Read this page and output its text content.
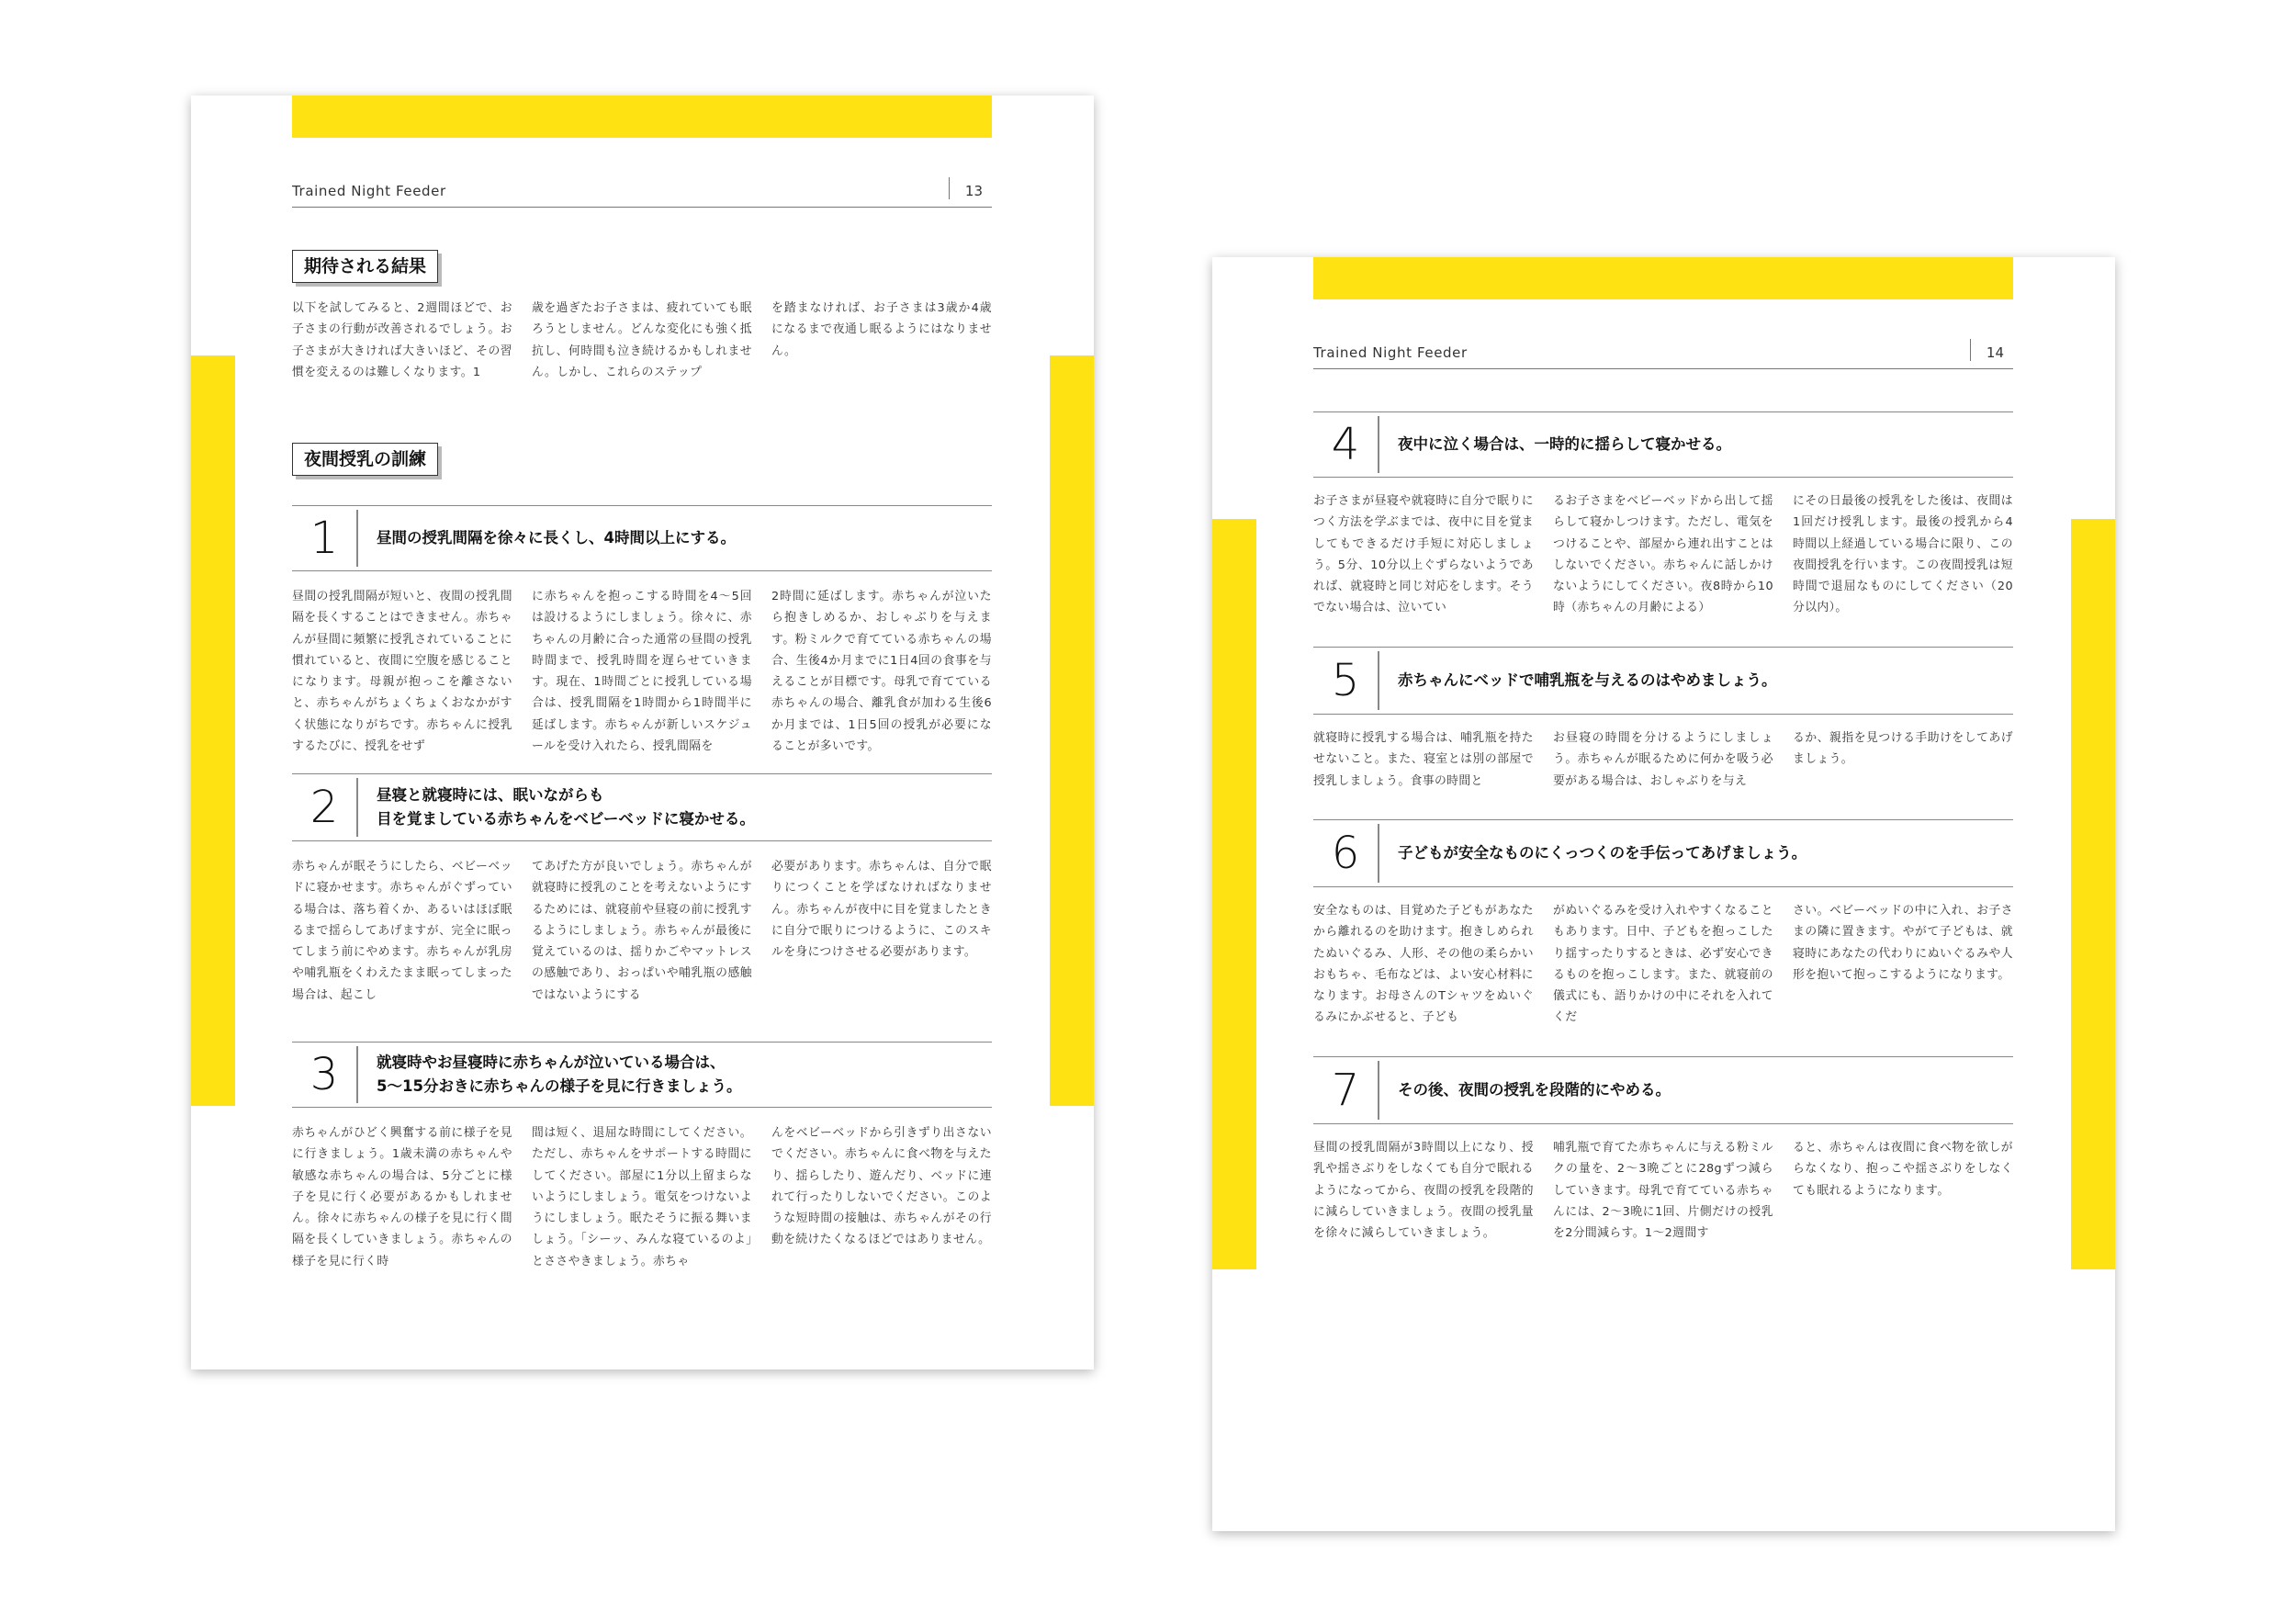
Trained Night Feeder	13
期待される結果
以下を試してみると、2週間ほどで、お子さまの行動が改善されるでしょう。お子さまが大きければ大きいほど、その習慣を変えるのは難しくなります。1
歳を過ぎたお子さまは、疲れていても眠ろうとしません。どんな変化にも強く抵抗し、何時間も泣き続けるかもしれません。しかし、これらのステップ
を踏まなければ、お子さまは3歳か4歳になるまで夜通し眠るようにはなりません。
夜間授乳の訓練
1	昼間の授乳間隔を徐々に長くし、4時間以上にする。
昼間の授乳間隔が短いと、夜間の授乳間隔を長くすることはできません。赤ちゃんが昼間に頻繁に授乳されていることに慣れていると、夜間に空腹を感じることになります。母親が抱っこを離さないと、赤ちゃんがちょくちょくおなかがすく状態になりがちです。赤ちゃんに授乳するたびに、授乳をせず
に赤ちゃんを抱っこする時間を4〜5回は設けるようにしましょう。徐々に、赤ちゃんの月齢に合った通常の昼間の授乳時間まで、授乳時間を遅らせていきます。現在、1時間ごとに授乳している場合は、授乳間隔を1時間から1時間半に延ばします。赤ちゃんが新しいスケジュールを受け入れたら、授乳間隔を
2時間に延ばします。赤ちゃんが泣いたら抱きしめるか、おしゃぶりを与えます。粉ミルクで育てている赤ちゃんの場合、生後4か月までに1日4回の食事を与えることが目標です。母乳で育てている赤ちゃんの場合、離乳食が加わる生後6か月までは、1日5回の授乳が必要になることが多いです。
2	昼寝と就寝時には、眠いながらも
目を覚ましている赤ちゃんをベビーベッドに寝かせる。
赤ちゃんが眠そうにしたら、ベビーベッドに寝かせます。赤ちゃんがぐずっている場合は、落ち着くか、あるいはほぼ眠るまで揺らしてあげますが、完全に眠ってしまう前にやめます。赤ちゃんが乳房や哺乳瓶をくわえたまま眠ってしまった場合は、起こし
てあげた方が良いでしょう。赤ちゃんが就寝時に授乳のことを考えないようにするためには、就寝前や昼寝の前に授乳するようにしましょう。赤ちゃんが最後に覚えているのは、揺りかごやマットレスの感触であり、おっぱいや哺乳瓶の感触ではないようにする
必要があります。赤ちゃんは、自分で眠りにつくことを学ばなければなりません。赤ちゃんが夜中に目を覚ましたときに自分で眠りにつけるように、このスキルを身につけさせる必要があります。
3	就寝時やお昼寝時に赤ちゃんが泣いている場合は、
5〜15分おきに赤ちゃんの様子を見に行きましょう。
赤ちゃんがひどく興奮する前に様子を見に行きましょう。1歳未満の赤ちゃんや敏感な赤ちゃんの場合は、5分ごとに様子を見に行く必要があるかもしれません。徐々に赤ちゃんの様子を見に行く間隔を長くしていきましょう。赤ちゃんの様子を見に行く時
間は短く、退屈な時間にしてください。ただし、赤ちゃんをサポートする時間にしてください。部屋に1分以上留まらないようにしましょう。電気をつけないようにしましょう。眠たそうに振る舞いましょう。「シーッ、みんな寝ているのよ」とささやきましょう。赤ちゃ
んをベビーベッドから引きずり出さないでください。赤ちゃんに食べ物を与えたり、揺らしたり、遊んだり、ベッドに連れて行ったりしないでください。このような短時間の接触は、赤ちゃんがその行動を続けたくなるほどではありません。
Trained Night Feeder	14
4	夜中に泣く場合は、一時的に揺らして寝かせる。
お子さまが昼寝や就寝時に自分で眠りにつく方法を学ぶまでは、夜中に目を覚ましてもできるだけ手短に対応しましょう。5分、10分以上ぐずらないようであれば、就寝時と同じ対応をします。そうでない場合は、泣いてい
るお子さまをベビーベッドから出して揺らして寝かしつけます。ただし、電気をつけることや、部屋から連れ出すことはしないでください。赤ちゃんに話しかけないようにしてください。夜8時から10時（赤ちゃんの月齢による）
にその日最後の授乳をした後は、夜間は1回だけ授乳します。最後の授乳から4時間以上経過している場合に限り、この夜間授乳を行います。この夜間授乳は短時間で退屈なものにしてください（20分以内）。
5	赤ちゃんにベッドで哺乳瓶を与えるのはやめましょう。
就寝時に授乳する場合は、哺乳瓶を持たせないこと。また、寝室とは別の部屋で授乳しましょう。食事の時間と
お昼寝の時間を分けるようにしましょう。赤ちゃんが眠るために何かを吸う必要がある場合は、おしゃぶりを与え
るか、親指を見つける手助けをしてあげましょう。
6	子どもが安全なものにくっつくのを手伝ってあげましょう。
安全なものは、目覚めた子どもがあなたから離れるのを助けます。抱きしめられたぬいぐるみ、人形、その他の柔らかいおもちゃ、毛布などは、よい安心材料になります。お母さんのTシャツをぬいぐるみにかぶせると、子ども
がぬいぐるみを受け入れやすくなることもあります。日中、子どもを抱っこしたり揺すったりするときは、必ず安心できるものを抱っこします。また、就寝前の儀式にも、語りかけの中にそれを入れてくだ
さい。ベビーベッドの中に入れ、お子さまの隣に置きます。やがて子どもは、就寝時にあなたの代わりにぬいぐるみや人形を抱いて抱っこするようになります。
7	その後、夜間の授乳を段階的にやめる。
昼間の授乳間隔が3時間以上になり、授乳や揺さぶりをしなくても自分で眠れるようになってから、夜間の授乳を段階的に減らしていきましょう。夜間の授乳量を徐々に減らしていきましょう。
哺乳瓶で育てた赤ちゃんに与える粉ミルクの量を、2〜3晩ごとに28gずつ減らしていきます。母乳で育てている赤ちゃんには、2〜3晩に1回、片側だけの授乳を2分間減らす。1〜2週間す
ると、赤ちゃんは夜間に食べ物を欲しがらなくなり、抱っこや揺さぶりをしなくても眠れるようになります。
